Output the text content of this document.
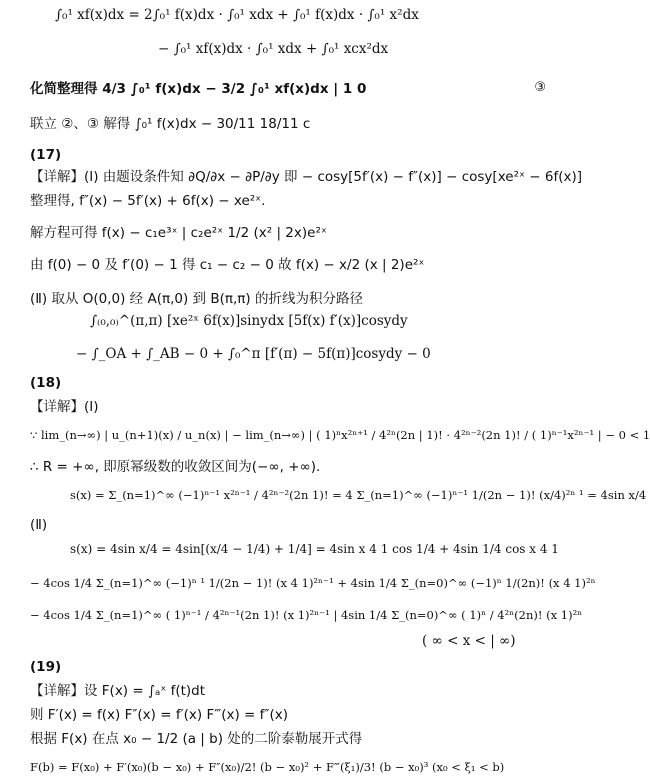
∫₀¹ xf(x)dx = 2∫₀¹ f(x)dx · ∫₀¹ xdx + ∫₀¹ f(x)dx · ∫₀¹ x²dx
− ∫₀¹ xf(x)dx · ∫₀¹ xdx + ∫₀¹ xcx²dx
化简整理得 4/3 ∫₀¹ f(x)dx − 3/2 ∫₀¹ xf(x)dx | 1 0	③
联立 ②、③ 解得 ∫₀¹ f(x)dx − 30/11 18/11 c
(17)
【详解】(Ⅰ) 由题设条件知 ∂Q/∂x − ∂P/∂y 即 − cosy[5f′(x) − f″(x)] − cosy[xe²ˣ − 6f(x)]
整理得, f″(x) − 5f′(x) + 6f(x) − xe²ˣ.
解方程可得 f(x) − c₁e³ˣ | c₂e²ˣ 1/2 (x² | 2x)e²ˣ
由 f(0) − 0 及 f′(0) − 1 得 c₁ − c₂ − 0 故 f(x) − x/2 (x | 2)e²ˣ
(Ⅱ) 取从 O(0,0) 经 A(π,0) 到 B(π,π) 的折线为积分路径
∫₍₀,₀₎^(π,π) [xe²ˣ 6f(x)]sinydx [5f(x) f′(x)]cosydy
− ∫_OA + ∫_AB − 0 + ∫₀^π [f′(π) − 5f(π)]cosydy − 0
(18)
【详解】(Ⅰ)
∵ lim_(n→∞) | u_(n+1)(x) / u_n(x) | − lim_(n→∞) | ( 1)ⁿx²ⁿ⁺¹ / 4²ⁿ(2n | 1)! · 4²ⁿ⁻²(2n 1)! / ( 1)ⁿ⁻¹x²ⁿ⁻¹ | − 0 < 1
∴ R = +∞, 即原幂级数的收敛区间为(−∞, +∞).
s(x) = Σ_(n=1)^∞ (−1)ⁿ⁻¹ x²ⁿ⁻¹ / 4²ⁿ⁻²(2n 1)! = 4 Σ_(n=1)^∞ (−1)ⁿ⁻¹ 1/(2n − 1)! (x/4)²ⁿ ¹ = 4sin x/4
(Ⅱ)
s(x) = 4sin x/4 = 4sin[(x/4 − 1/4) + 1/4] = 4sin x 4 1 cos 1/4 + 4sin 1/4 cos x 4 1
− 4cos 1/4 Σ_(n=1)^∞ (−1)ⁿ ¹ 1/(2n − 1)! (x 4 1)²ⁿ⁻¹ + 4sin 1/4 Σ_(n=0)^∞ (−1)ⁿ 1/(2n)! (x 4 1)²ⁿ
− 4cos 1/4 Σ_(n=1)^∞ ( 1)ⁿ⁻¹ / 4²ⁿ⁻¹(2n 1)! (x 1)²ⁿ⁻¹ | 4sin 1/4 Σ_(n=0)^∞ ( 1)ⁿ / 4²ⁿ(2n)! (x 1)²ⁿ
( ∞ < x < | ∞)
(19)
【详解】设 F(x) = ∫ₐˣ f(t)dt
则 F′(x) = f(x) F″(x) = f′(x) F‴(x) = f″(x)
根据 F(x) 在点 x₀ − 1/2 (a | b) 处的二阶泰勒展开式得
F(b) = F(x₀) + F′(x₀)(b − x₀) + F″(x₀)/2! (b − x₀)² + F‴(ξ₁)/3! (b − x₀)³ (x₀ < ξ₁ < b)
